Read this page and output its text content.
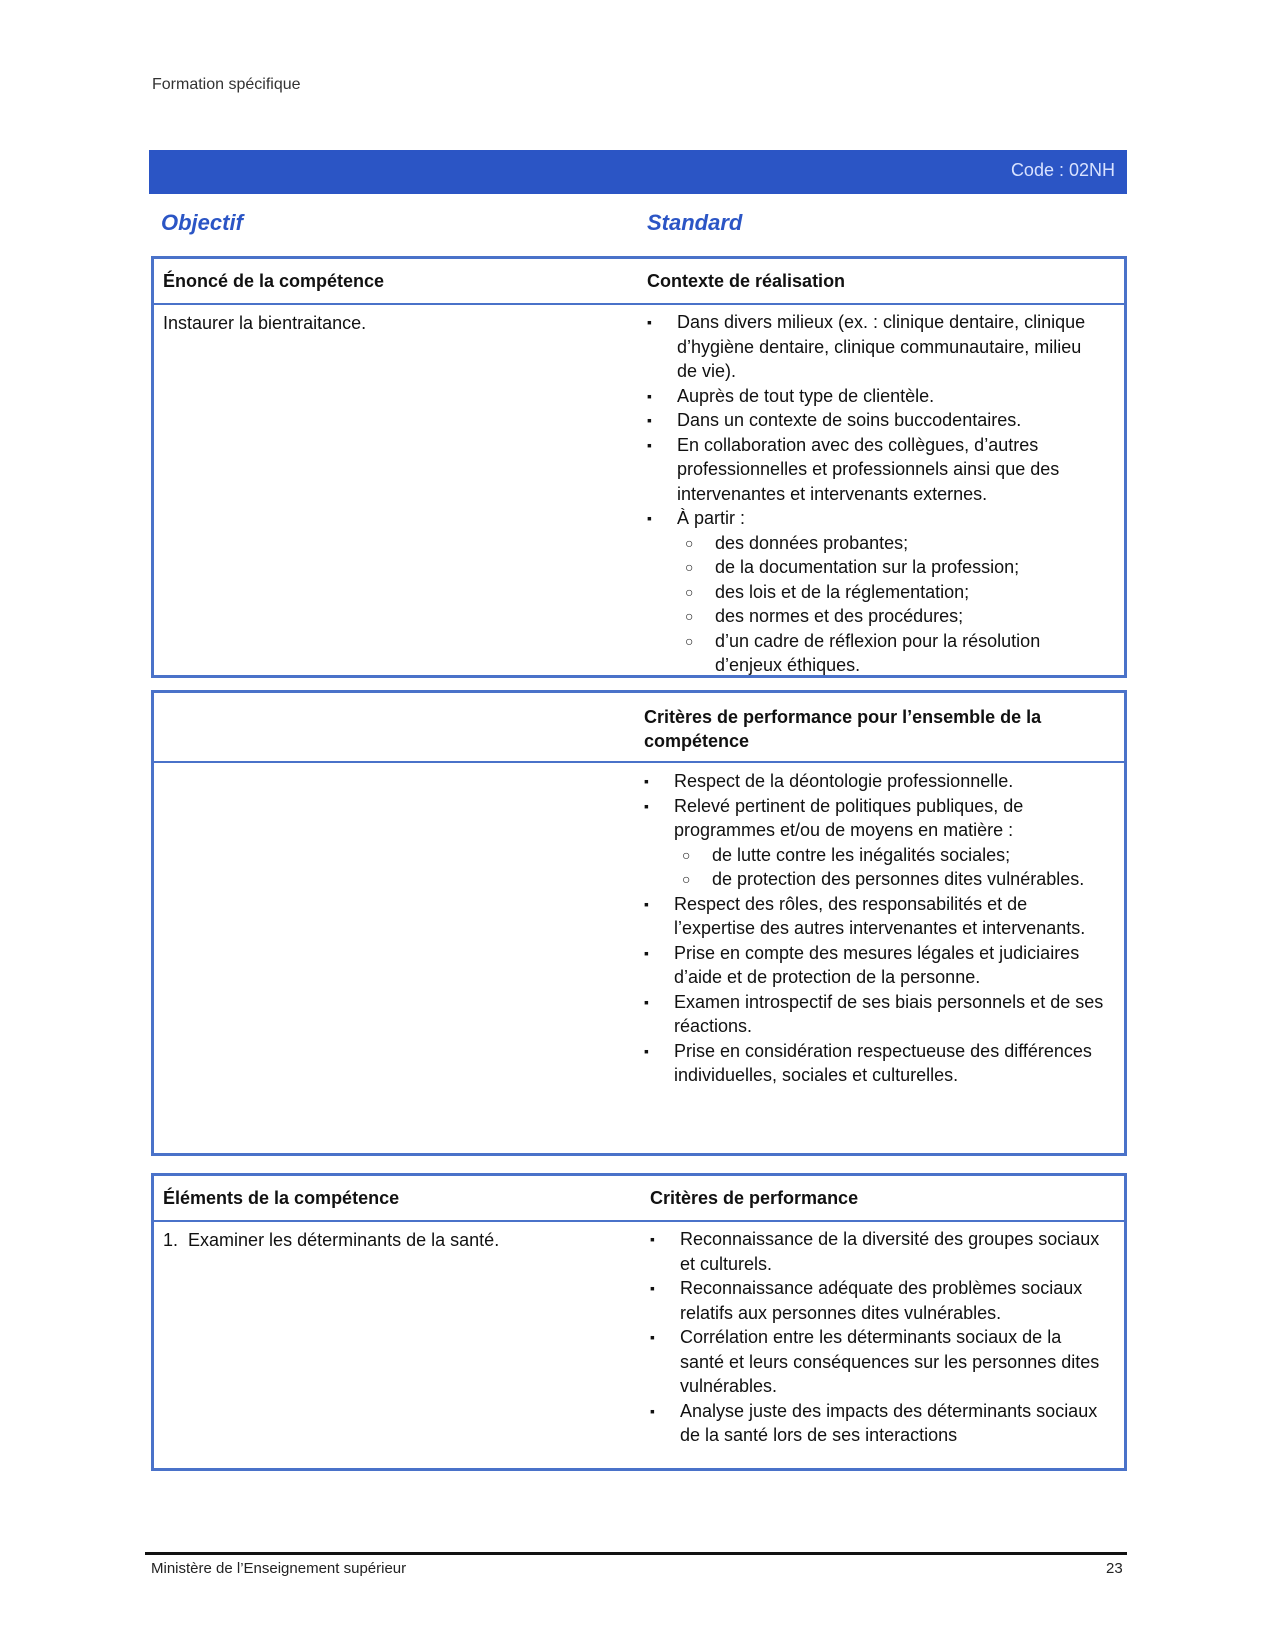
Formation spécifique
Code : 02NH
Objectif	Standard
Énoncé de la compétence	Contexte de réalisation
Instaurer la bientraitance.	▪ Dans divers milieux (ex. : clinique dentaire, clinique d’hygiène dentaire, clinique communautaire, milieu de vie).
▪ Auprès de tout type de clientèle.
▪ Dans un contexte de soins buccodentaires.
▪ En collaboration avec des collègues, d’autres professionnelles et professionnels ainsi que des intervenantes et intervenants externes.
▪ À partir :
○ des données probantes;
○ de la documentation sur la profession;
○ des lois et de la réglementation;
○ des normes et des procédures;
○ d’un cadre de réflexion pour la résolution d’enjeux éthiques.
Critères de performance pour l’ensemble de la compétence
▪ Respect de la déontologie professionnelle.
▪ Relevé pertinent de politiques publiques, de programmes et/ou de moyens en matière :
○ de lutte contre les inégalités sociales;
○ de protection des personnes dites vulnérables.
▪ Respect des rôles, des responsabilités et de l’expertise des autres intervenantes et intervenants.
▪ Prise en compte des mesures légales et judiciaires d’aide et de protection de la personne.
▪ Examen introspectif de ses biais personnels et de ses réactions.
▪ Prise en considération respectueuse des différences individuelles, sociales et culturelles.
Éléments de la compétence	Critères de performance
1. Examiner les déterminants de la santé.	▪ Reconnaissance de la diversité des groupes sociaux et culturels.
▪ Reconnaissance adéquate des problèmes sociaux relatifs aux personnes dites vulnérables.
▪ Corrélation entre les déterminants sociaux de la santé et leurs conséquences sur les personnes dites vulnérables.
▪ Analyse juste des impacts des déterminants sociaux de la santé lors de ses interactions
Ministère de l’Enseignement supérieur	23
